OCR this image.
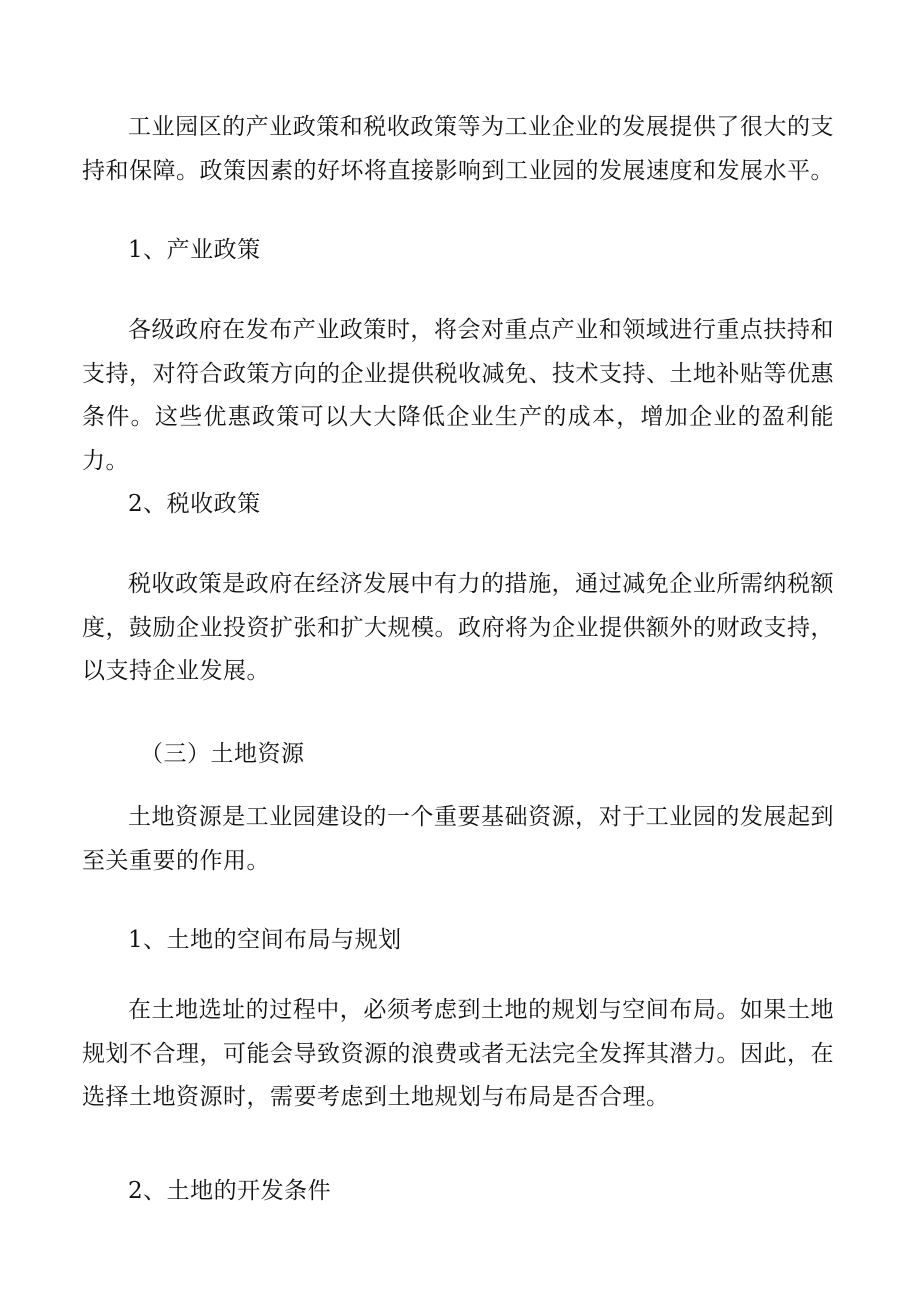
工业园区的产业政策和税收政策等为工业企业的发展提供了很大的支持和保障。政策因素的好坏将直接影响到工业园的发展速度和发展水平。

1、产业政策

各级政府在发布产业政策时，将会对重点产业和领域进行重点扶持和支持，对符合政策方向的企业提供税收减免、技术支持、土地补贴等优惠条件。这些优惠政策可以大大降低企业生产的成本，增加企业的盈利能力。

2、税收政策

税收政策是政府在经济发展中有力的措施，通过减免企业所需纳税额度，鼓励企业投资扩张和扩大规模。政府将为企业提供额外的财政支持，以支持企业发展。

（三）土地资源

土地资源是工业园建设的一个重要基础资源，对于工业园的发展起到至关重要的作用。

1、土地的空间布局与规划

在土地选址的过程中，必须考虑到土地的规划与空间布局。如果土地规划不合理，可能会导致资源的浪费或者无法完全发挥其潜力。因此，在选择土地资源时，需要考虑到土地规划与布局是否合理。

2、土地的开发条件
